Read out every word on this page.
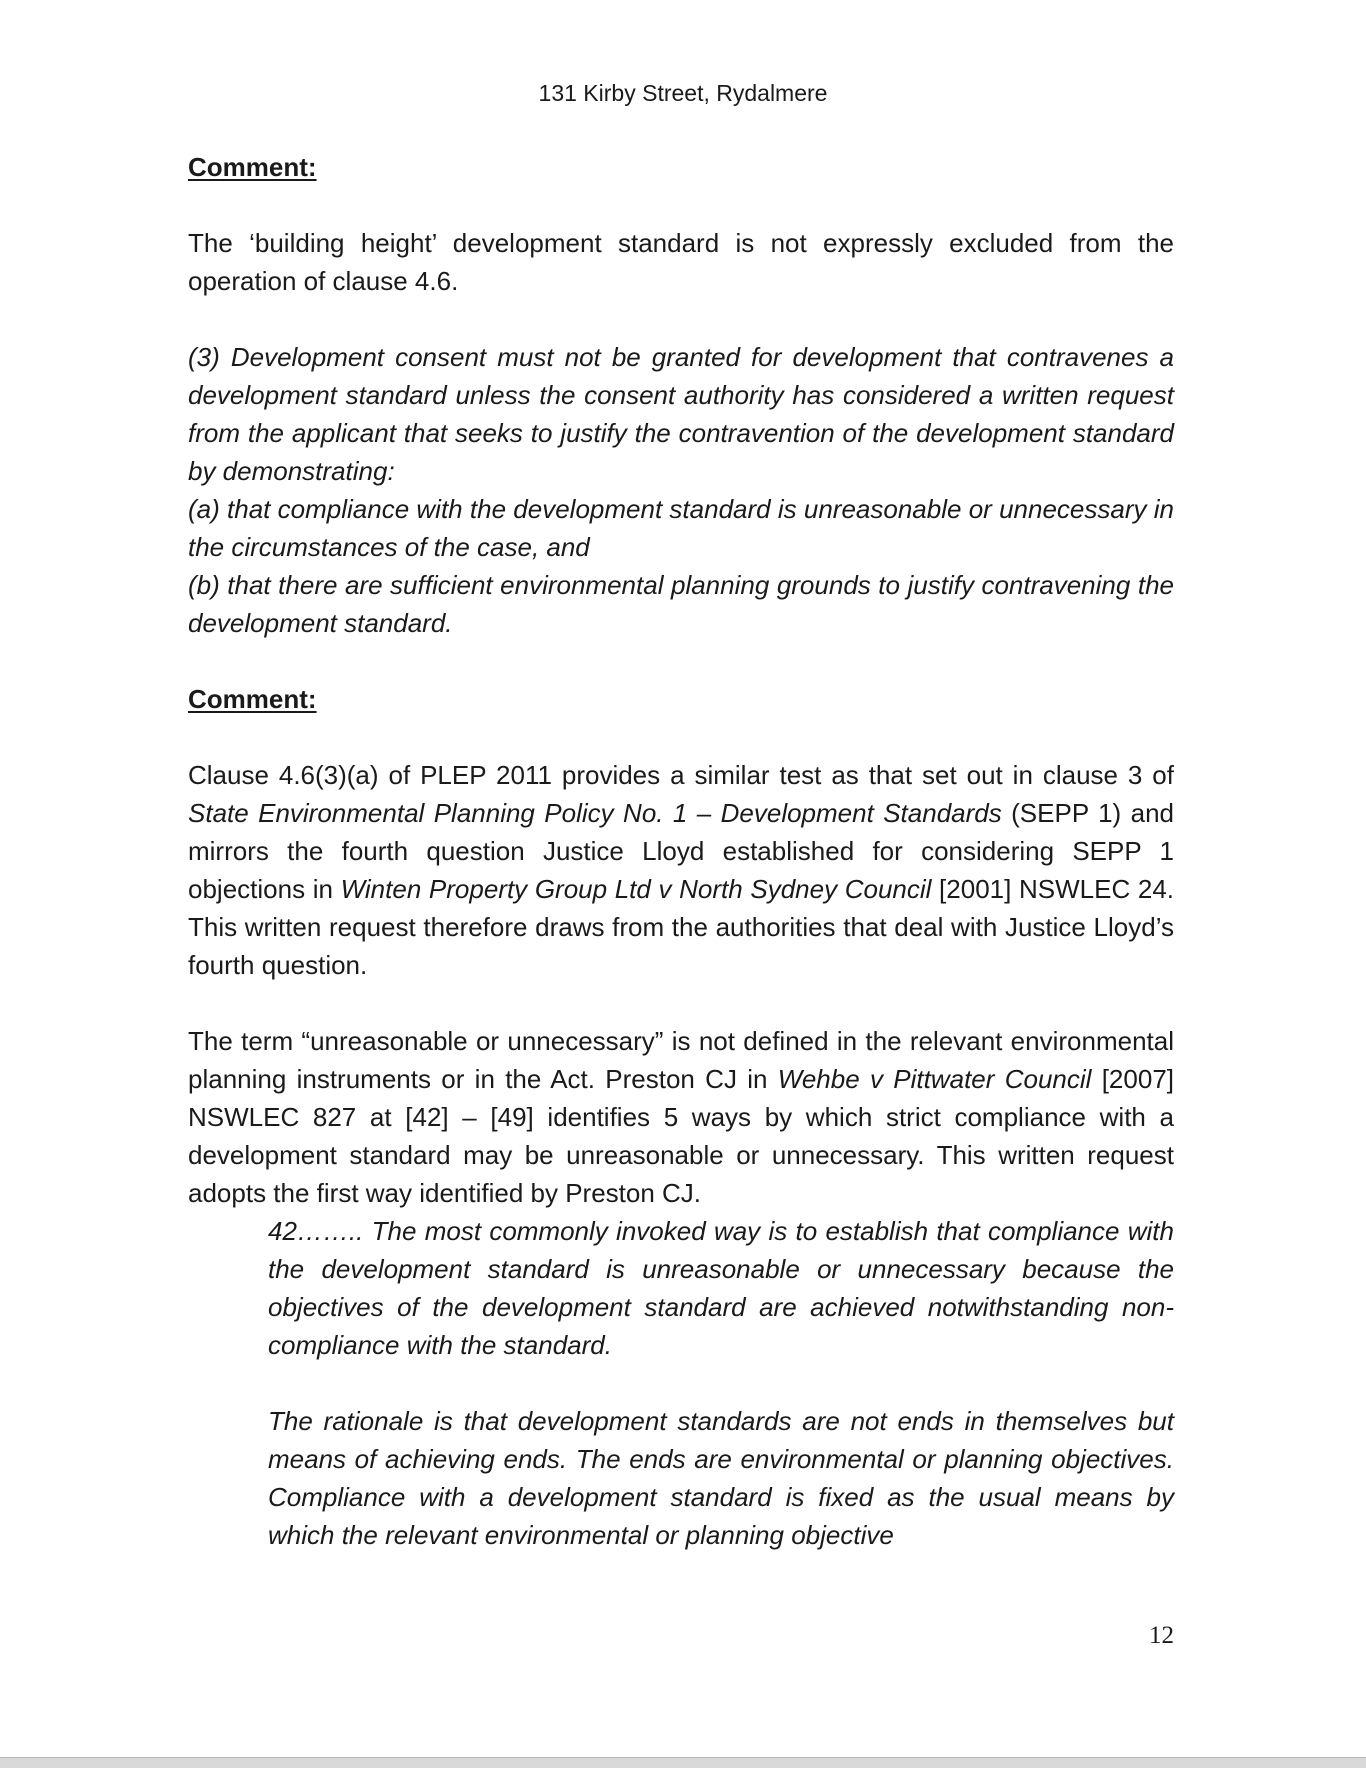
131 Kirby Street, Rydalmere

Comment:

The ‘building height’ development standard is not expressly excluded from the operation of clause 4.6.

(3) Development consent must not be granted for development that contravenes a development standard unless the consent authority has considered a written request from the applicant that seeks to justify the contravention of the development standard by demonstrating:

(a) that compliance with the development standard is unreasonable or unnecessary in the circumstances of the case, and

(b) that there are sufficient environmental planning grounds to justify contravening the development standard.

Comment:

Clause 4.6(3)(a) of PLEP 2011 provides a similar test as that set out in clause 3 of State Environmental Planning Policy No. 1 – Development Standards (SEPP 1) and mirrors the fourth question Justice Lloyd established for considering SEPP 1 objections in Winten Property Group Ltd v North Sydney Council [2001] NSWLEC 24. This written request therefore draws from the authorities that deal with Justice Lloyd’s fourth question.

The term “unreasonable or unnecessary” is not defined in the relevant environmental planning instruments or in the Act. Preston CJ in Wehbe v Pittwater Council [2007] NSWLEC 827 at [42] – [49] identifies 5 ways by which strict compliance with a development standard may be unreasonable or unnecessary. This written request adopts the first way identified by Preston CJ.

42…….. The most commonly invoked way is to establish that compliance with the development standard is unreasonable or unnecessary because the objectives of the development standard are achieved notwithstanding non-compliance with the standard.

The rationale is that development standards are not ends in themselves but means of achieving ends. The ends are environmental or planning objectives. Compliance with a development standard is fixed as the usual means by which the relevant environmental or planning objective

12
